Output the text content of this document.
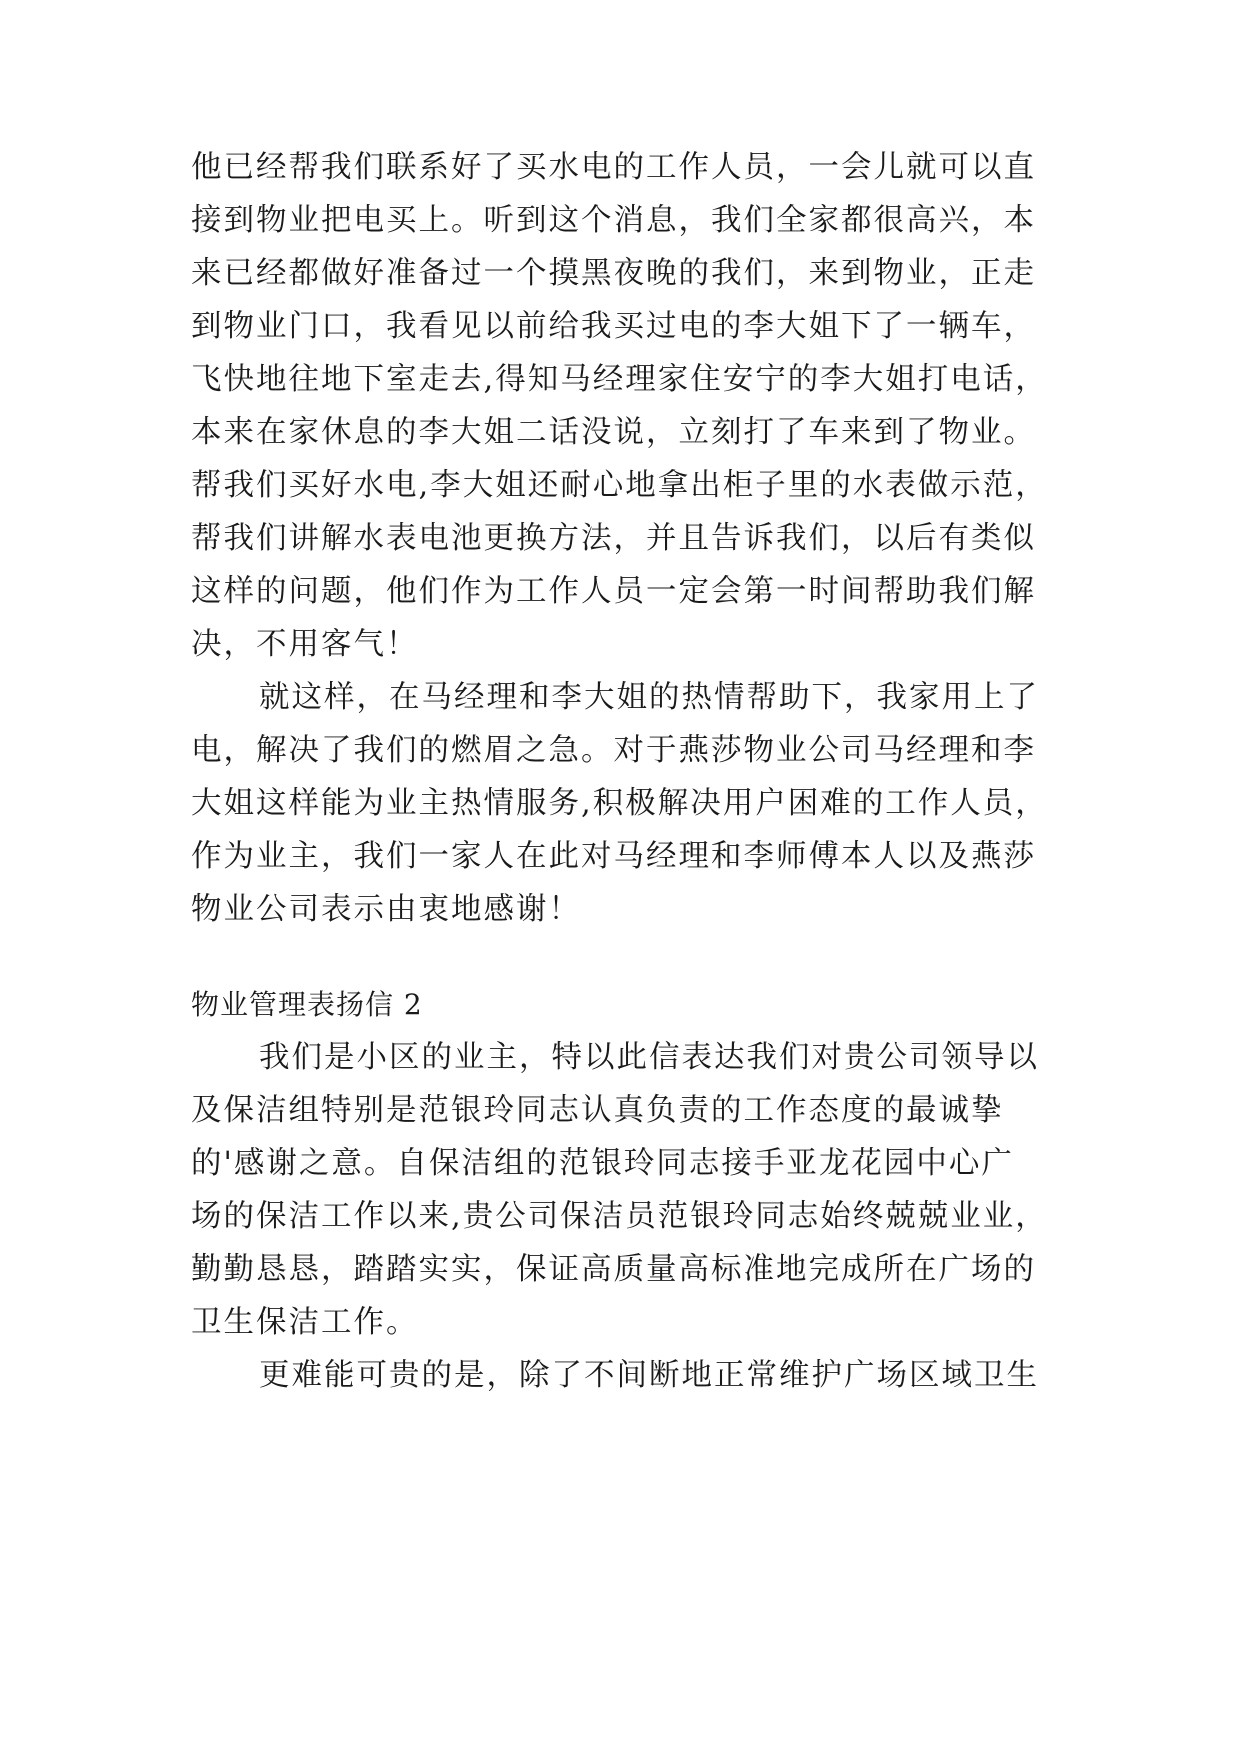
他已经帮我们联系好了买水电的工作人员，一会儿就可以直
接到物业把电买上。听到这个消息，我们全家都很高兴，本
来已经都做好准备过一个摸黑夜晚的我们，来到物业，正走
到物业门口，我看见以前给我买过电的李大姐下了一辆车，
飞快地往地下室走去,得知马经理家住安宁的李大姐打电话，
本来在家休息的李大姐二话没说，立刻打了车来到了物业。
帮我们买好水电,李大姐还耐心地拿出柜子里的水表做示范，
帮我们讲解水表电池更换方法，并且告诉我们，以后有类似
这样的问题，他们作为工作人员一定会第一时间帮助我们解
决，不用客气！
就这样，在马经理和李大姐的热情帮助下，我家用上了
电，解决了我们的燃眉之急。对于燕莎物业公司马经理和李
大姐这样能为业主热情服务,积极解决用户困难的工作人员，
作为业主，我们一家人在此对马经理和李师傅本人以及燕莎
物业公司表示由衷地感谢！
物业管理表扬信 2
我们是小区的业主，特以此信表达我们对贵公司领导以
及保洁组特别是范银玲同志认真负责的工作态度的最诚挚
的'感谢之意。自保洁组的范银玲同志接手亚龙花园中心广
场的保洁工作以来,贵公司保洁员范银玲同志始终兢兢业业，
勤勤恳恳，踏踏实实，保证高质量高标准地完成所在广场的
卫生保洁工作。
更难能可贵的是，除了不间断地正常维护广场区域卫生
